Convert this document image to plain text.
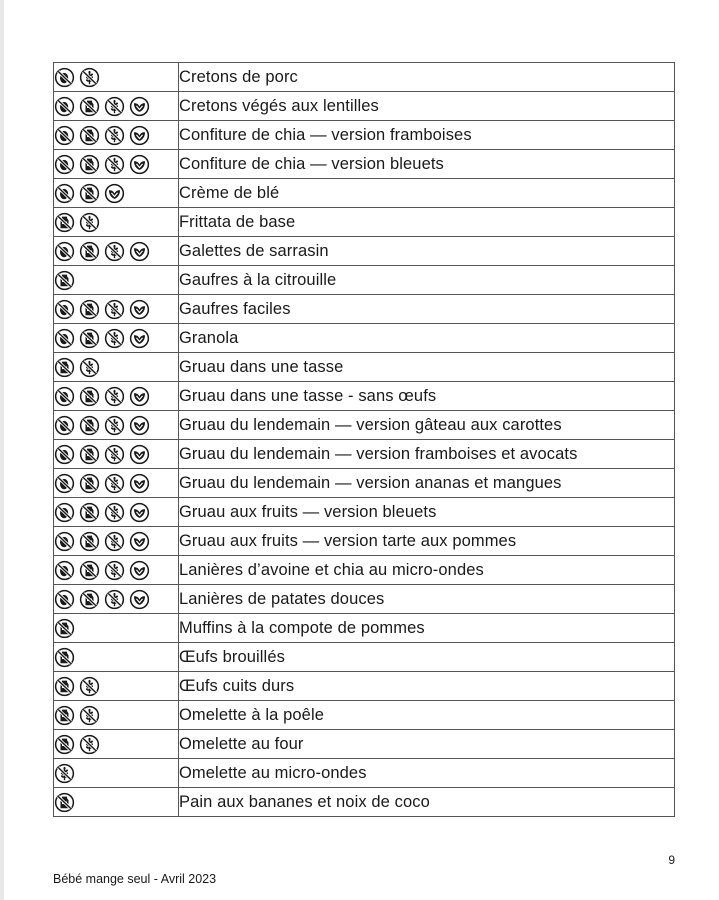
	Cretons de porc

	Cretons végés aux lentilles

	Confiture de chia — version framboises

	Confiture de chia — version bleuets

	Crème de blé

	Frittata de base

	Galettes de sarrasin

	Gaufres à la citrouille

	Gaufres faciles

	Granola

	Gruau dans une tasse

	Gruau dans une tasse - sans œufs

	Gruau du lendemain — version gâteau aux carottes

	Gruau du lendemain — version framboises et avocats

	Gruau du lendemain — version ananas et mangues

	Gruau aux fruits — version bleuets

	Gruau aux fruits — version tarte aux pommes

	Lanières d’avoine et chia au micro-ondes

	Lanières de patates douces

	Muffins à la compote de pommes

	Œufs brouillés

	Œufs cuits durs

	Omelette à la poêle

	Omelette au four

	Omelette au micro-ondes

	Pain aux bananes et noix de coco
9
Bébé mange seul - Avril 2023
